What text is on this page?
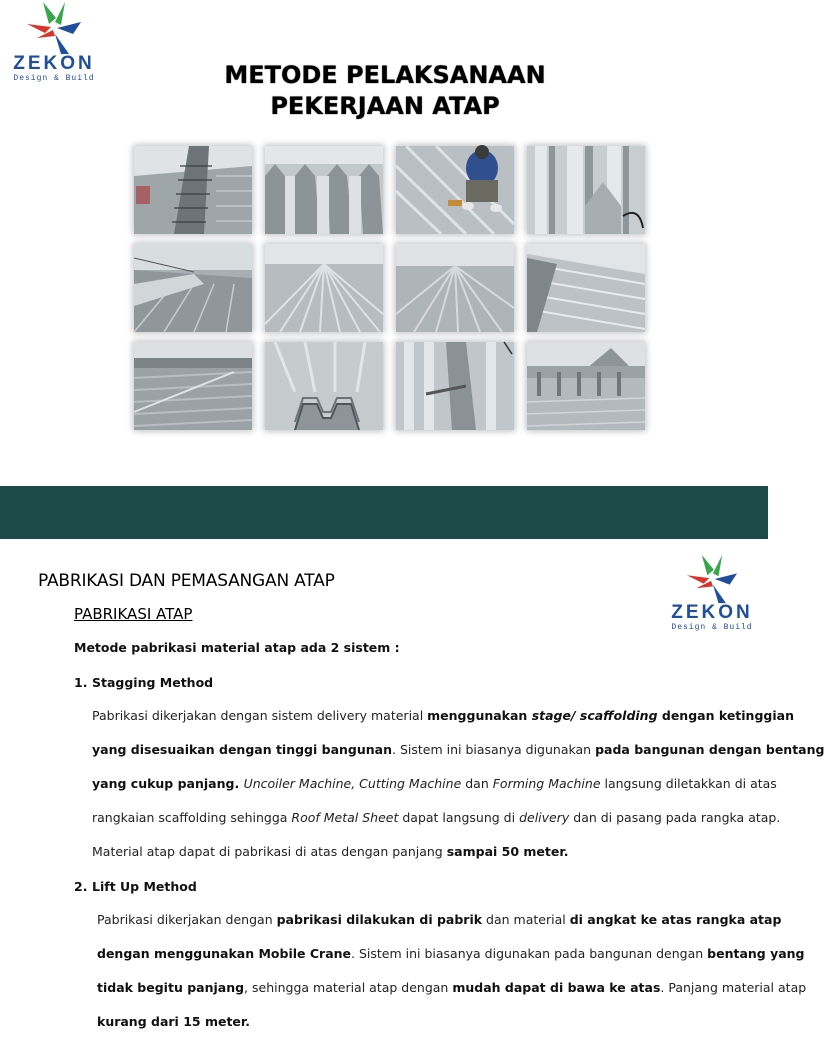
ZEKON
Design & Build	METODE PELAKSANAAN
PEKERJAAN ATAP
ZEKON
Design & Build
PABRIKASI DAN PEMASANGAN ATAP
PABRIKASI ATAP
Metode pabrikasi material atap ada 2 sistem :
1. Stagging Method
Pabrikasi dikerjakan dengan sistem delivery material menggunakan stage/ scaffolding dengan ketinggian
yang disesuaikan dengan tinggi bangunan. Sistem ini biasanya digunakan pada bangunan dengan bentang
yang cukup panjang. Uncoiler Machine, Cutting Machine dan Forming Machine langsung diletakkan di atas
rangkaian scaffolding sehingga Roof Metal Sheet dapat langsung di delivery dan di pasang pada rangka atap.
Material atap dapat di pabrikasi di atas dengan panjang sampai 50 meter.
2. Lift Up Method
Pabrikasi dikerjakan dengan pabrikasi dilakukan di pabrik dan material di angkat ke atas rangka atap
dengan menggunakan Mobile Crane. Sistem ini biasanya digunakan pada bangunan dengan bentang yang
tidak begitu panjang, sehingga material atap dengan mudah dapat di bawa ke atas. Panjang material atap
kurang dari 15 meter.
